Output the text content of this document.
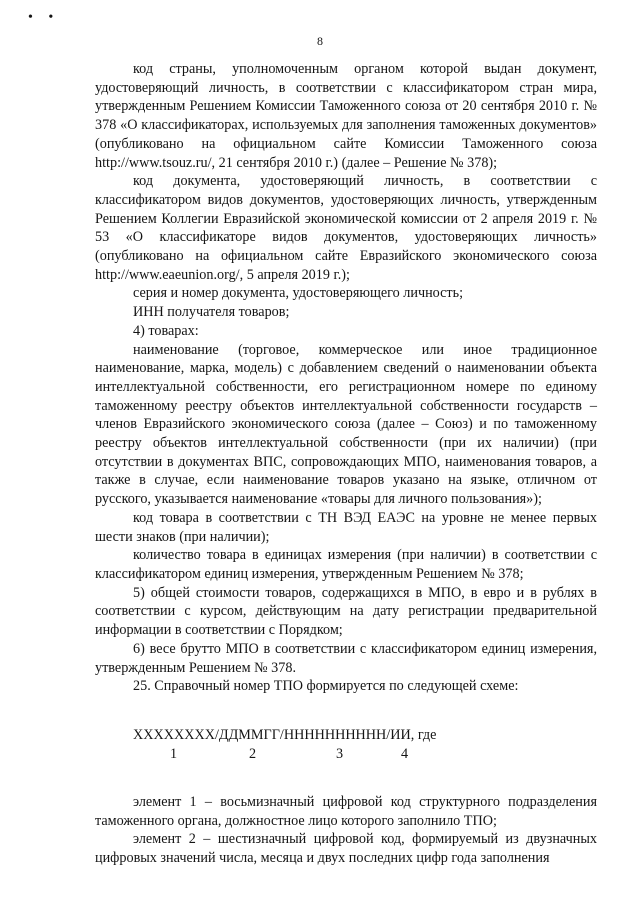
• •
8

код страны, уполномоченным органом которой выдан документ, удостоверяющий личность, в соответствии с классификатором стран мира, утвержденным Решением Комиссии Таможенного союза от 20 сентября 2010 г. № 378 «О классификаторах, используемых для заполнения таможенных документов» (опубликовано на официальном сайте Комиссии Таможенного союза http://www.tsouz.ru/, 21 сентября 2010 г.) (далее – Решение № 378);

код документа, удостоверяющий личность, в соответствии с классификатором видов документов, удостоверяющих личность, утвержденным Решением Коллегии Евразийской экономической комиссии от 2 апреля 2019 г. № 53 «О классификаторе видов документов, удостоверяющих личность» (опубликовано на официальном сайте Евразийского экономического союза http://www.eaeunion.org/, 5 апреля 2019 г.);

серия и номер документа, удостоверяющего личность;

ИНН получателя товаров;

4) товарах:

наименование (торговое, коммерческое или иное традиционное наименование, марка, модель) с добавлением сведений о наименовании объекта интеллектуальной собственности, его регистрационном номере по единому таможенному реестру объектов интеллектуальной собственности государств – членов Евразийского экономического союза (далее – Союз) и по таможенному реестру объектов интеллектуальной собственности (при их наличии) (при отсутствии в документах ВПС, сопровождающих МПО, наименования товаров, а также в случае, если наименование товаров указано на языке, отличном от русского, указывается наименование «товары для личного пользования»);

код товара в соответствии с ТН ВЭД ЕАЭС на уровне не менее первых шести знаков (при наличии);

количество товара в единицах измерения (при наличии) в соответствии с классификатором единиц измерения, утвержденным Решением № 378;

5) общей стоимости товаров, содержащихся в МПО, в евро и в рублях в соответствии с курсом, действующим на дату регистрации предварительной информации в соответствии с Порядком;

6) весе брутто МПО в соответствии с классификатором единиц измерения, утвержденным Решением № 378.

25. Справочный номер ТПО формируется по следующей схеме:

XXXXXXXX/ДДММГГ/НННННННННН/ИИ, где
1	2	3	4

элемент 1 – восьмизначный цифровой код структурного подразделения таможенного органа, должностное лицо которого заполнило ТПО;

элемент 2 – шестизначный цифровой код, формируемый из двузначных цифровых значений числа, месяца и двух последних цифр года заполнения
